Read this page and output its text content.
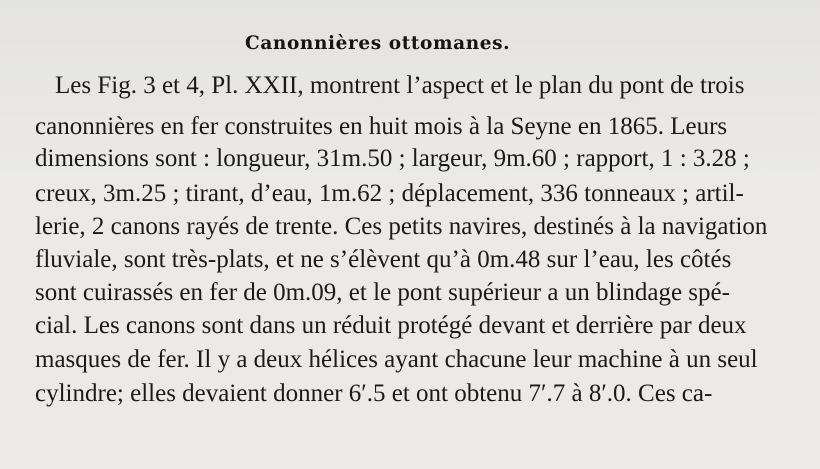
Canonnières ottomanes.
Les Fig. 3 et 4, Pl. XXII, montrent l’aspect et le plan du pont de trois
canonnières en fer construites en huit mois à la Seyne en 1865. Leurs
dimensions sont : longueur, 31m.50 ; largeur, 9m.60 ; rapport, 1 : 3.28 ;
creux, 3m.25 ; tirant, d’eau, 1m.62 ; déplacement, 336 tonneaux ; artil-
lerie, 2 canons rayés de trente. Ces petits navires, destinés à la navigation
fluviale, sont très-plats, et ne s’élèvent qu’à 0m.48 sur l’eau, les côtés
sont cuirassés en fer de 0m.09, et le pont supérieur a un blindage spé-
cial. Les canons sont dans un réduit protégé devant et derrière par deux
masques de fer. Il y a deux hélices ayant chacune leur machine à un seul
cylindre; elles devaient donner 6′.5 et ont obtenu 7′.7 à 8′.0. Ces ca-
